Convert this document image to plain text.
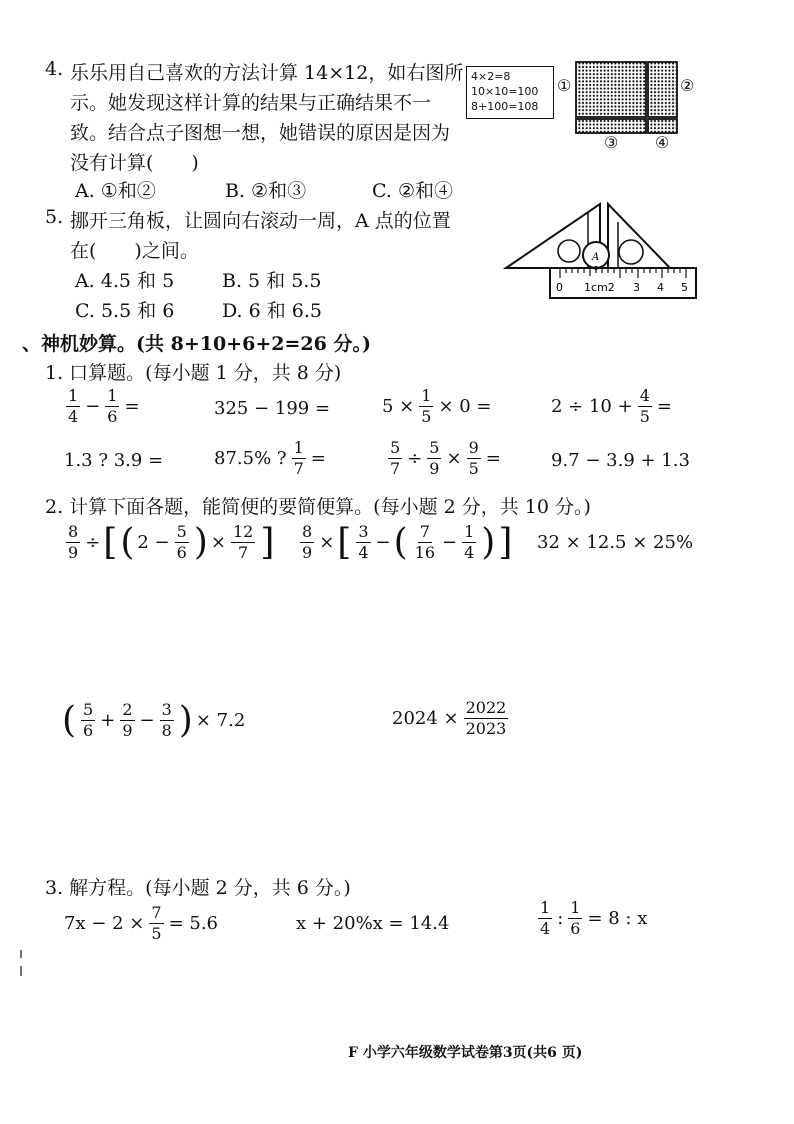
4. 乐乐用自己喜欢的方法计算 14×12，如右图所
示。她发现这样计算的结果与正确结果不一
致。结合点子图想一想，她错误的原因是因为
没有计算(　　)
A. ①和②	B. ②和③	C. ②和④
4×2=8
10×10=100
8+100=108
①	②
③ ④
5. 挪开三角板，让圆向右滚动一周，A 点的位置
在(　　)之间。
A. 4.5 和 5	B. 5 和 5.5
C. 5.5 和 6	D. 6 和 6.5
A
0 1cm2 3 4 5
、神机妙算。(共 8+10+6+2=26 分。)
1. 口算题。(每小题 1 分，共 8 分)
$\frac{1}{4} - \frac{1}{6}$ =	325 − 199 =	$5 \times \frac{1}{5} \times 0$ =	$2 \div 10 + \frac{4}{5}$ =
1.3 ? 3.9 =	87.5% ? $\frac{1}{7}$ =	$\frac{5}{7} \div \frac{5}{9} \times \frac{9}{5}$ =	9.7 − 3.9 + 1.3
2. 计算下面各题，能简便的要简便算。(每小题 2 分，共 10 分。)
$\frac{8}{9}$ ÷ [ ( $2 - \frac{5}{6}$ ) × $\frac{12}{7}$ ] $\frac{8}{9}$ × [ $\frac{3}{4}$ − ( $\frac{7}{16} - \frac{1}{4}$ ) ] 32 × 12.5 × 25%
( $\frac{5}{6} + \frac{2}{9} - \frac{3}{8}$ ) × 7.2	$2024 \times \frac{2022}{2023}$
3. 解方程。(每小题 2 分，共 6 分。)
$7x - 2 \times \frac{7}{5} = 5.6$	x + 20%x = 14.4	$\frac{1}{4}$ : $\frac{1}{6} = 8$ : x
F 小学六年级数学试卷第3页(共6 页)
